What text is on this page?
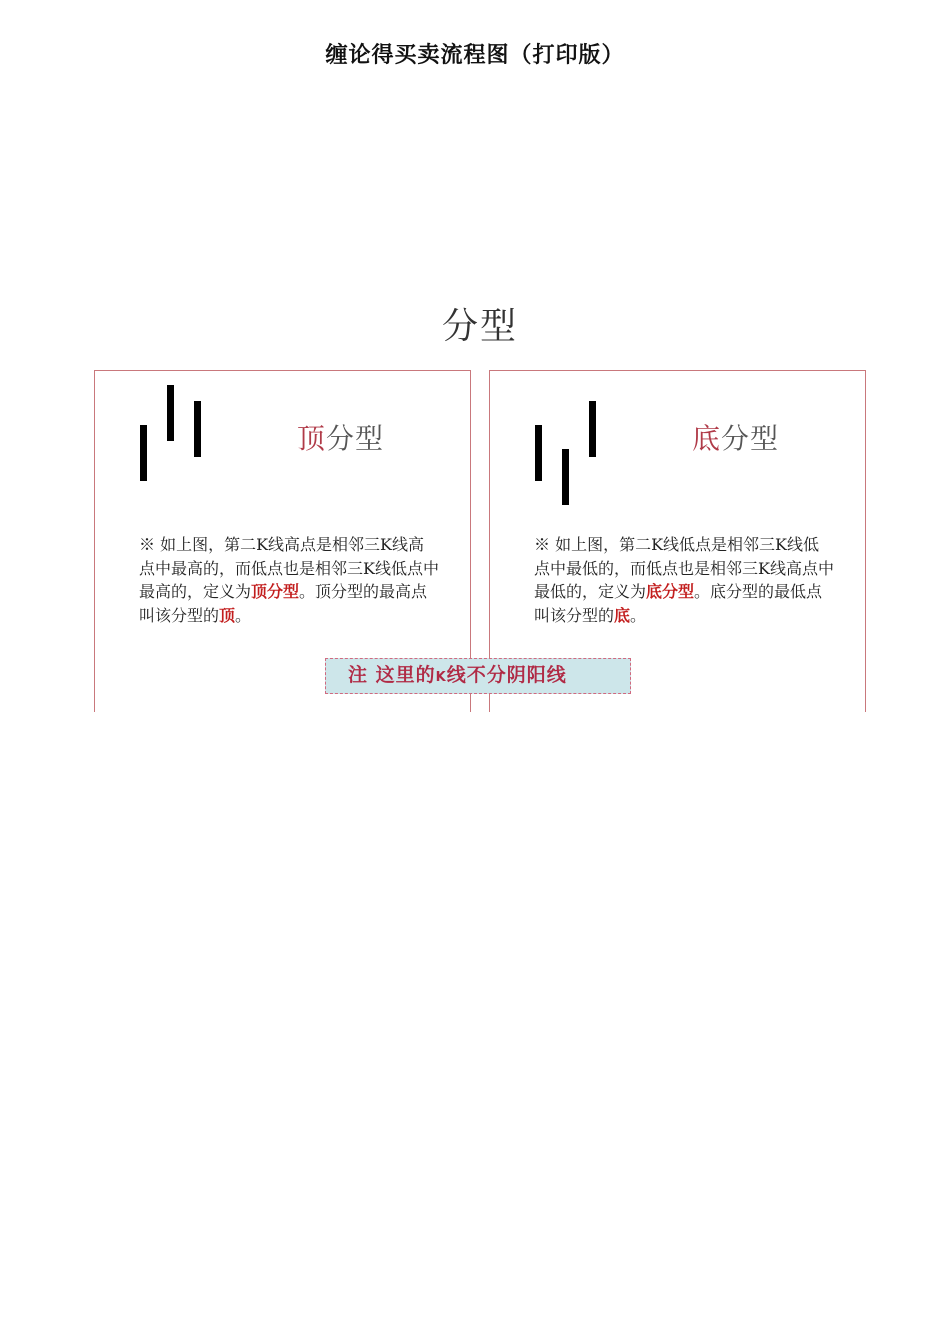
缠论得买卖流程图（打印版）
分型
顶分型
※ 如上图，第二K线高点是相邻三K线高点中最高的，而低点也是相邻三K线低点中最高的，定义为顶分型。顶分型的最高点叫该分型的顶。
底分型
※ 如上图，第二K线低点是相邻三K线低点中最低的，而低点也是相邻三K线高点中最低的，定义为底分型。底分型的最低点叫该分型的底。
注 这里的K线不分阴阳线
